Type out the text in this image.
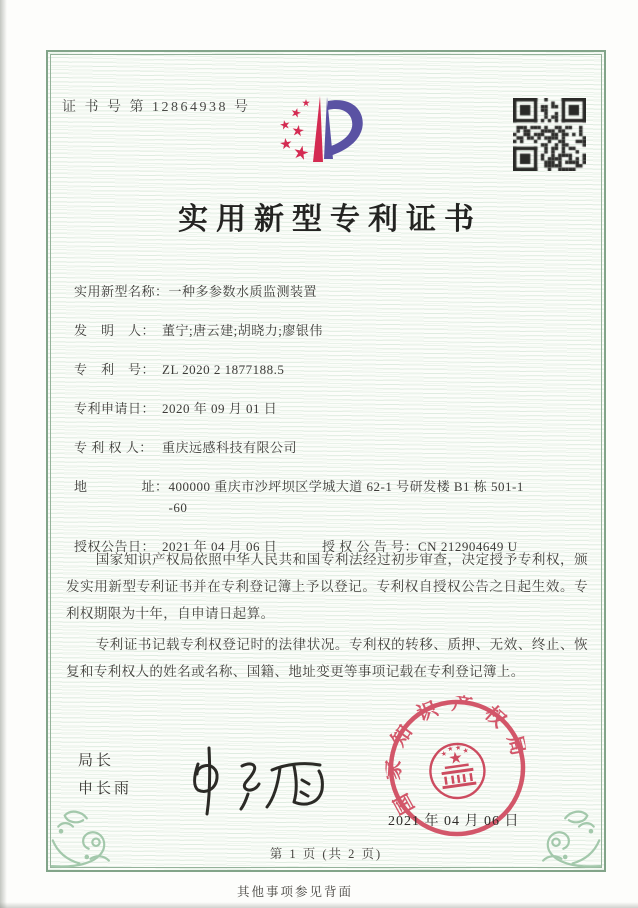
证 书 号 第 12864938 号
实用新型专利证书
实用新型名称： 一种多参数水质监测装置
发　明　人： 董宁;唐云建;胡晓力;廖银伟
专　利　号： ZL 2020 2 1877188.5
专利申请日： 2020 年 09 月 01 日
专 利 权 人： 重庆远感科技有限公司
地　　　　址： 400000 重庆市沙坪坝区学城大道 62-1 号研发楼 B1 栋 501-1
-60
授权公告日： 2021 年 04 月 06 日	授 权 公 告 号： CN 212904649 U

国家知识产权局依照中华人民共和国专利法经过初步审查，决定授予专利权，颁发实用新型专利证书并在专利登记簿上予以登记。专利权自授权公告之日起生效。专利权期限为十年，自申请日起算。

专利证书记载专利权登记时的法律状况。专利权的转移、质押、无效、终止、恢复和专利权人的姓名或名称、国籍、地址变更等事项记载在专利登记簿上。

局长
申长雨	国家知识产权局
2021 年 04 月 06 日
第 1 页 (共 2 页)
其他事项参见背面
